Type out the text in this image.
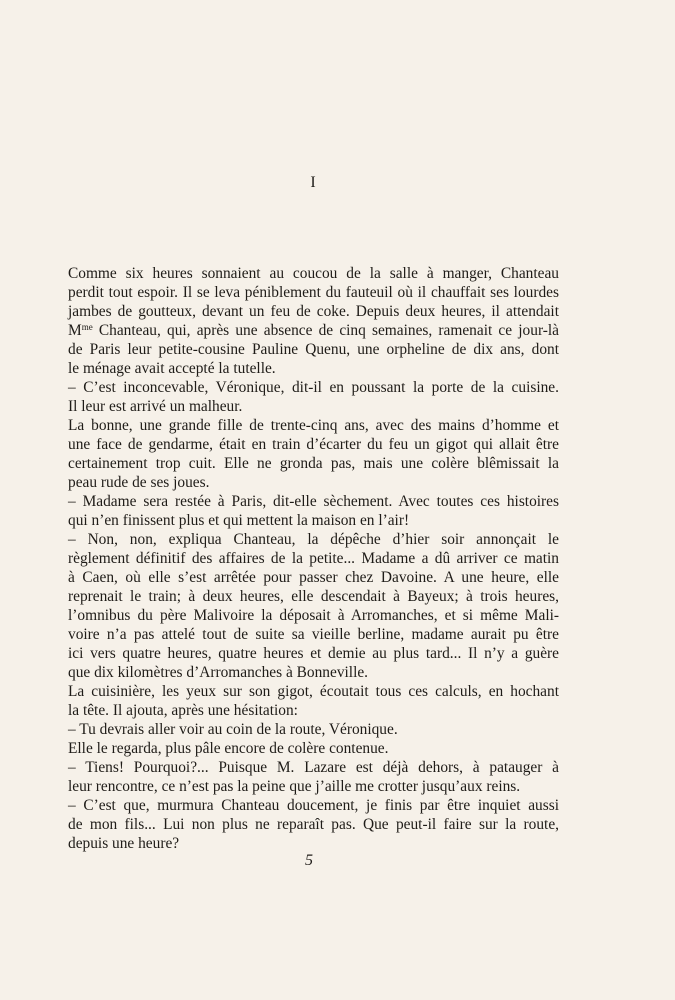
I

Comme six heures sonnaient au coucou de la salle à manger, Chanteau
perdit tout espoir. Il se leva péniblement du fauteuil où il chauffait ses lourdes
jambes de goutteux, devant un feu de coke. Depuis deux heures, il attendait
$M^{me}$ Chanteau, qui, après une absence de cinq semaines, ramenait ce jour-là
de Paris leur petite-cousine Pauline Quenu, une orpheline de dix ans, dont
le ménage avait accepté la tutelle.

– C’est inconcevable, Véronique, dit-il en poussant la porte de la cuisine.
Il leur est arrivé un malheur.

La bonne, une grande fille de trente-cinq ans, avec des mains d’homme et
une face de gendarme, était en train d’écarter du feu un gigot qui allait être
certainement trop cuit. Elle ne gronda pas, mais une colère blêmissait la
peau rude de ses joues.

– Madame sera restée à Paris, dit-elle sèchement. Avec toutes ces histoires
qui n’en finissent plus et qui mettent la maison en l’air!

– Non, non, expliqua Chanteau, la dépêche d’hier soir annonçait le
règlement définitif des affaires de la petite... Madame a dû arriver ce matin
à Caen, où elle s’est arrêtée pour passer chez Davoine. A une heure, elle
reprenait le train; à deux heures, elle descendait à Bayeux; à trois heures,
l’omnibus du père Malivoire la déposait à Arromanches, et si même Mali-
voire n’a pas attelé tout de suite sa vieille berline, madame aurait pu être
ici vers quatre heures, quatre heures et demie au plus tard... Il n’y a guère
que dix kilomètres d’Arromanches à Bonneville.

La cuisinière, les yeux sur son gigot, écoutait tous ces calculs, en hochant
la tête. Il ajouta, après une hésitation:

– Tu devrais aller voir au coin de la route, Véronique.

Elle le regarda, plus pâle encore de colère contenue.

– Tiens! Pourquoi?... Puisque M. Lazare est déjà dehors, à patauger à
leur rencontre, ce n’est pas la peine que j’aille me crotter jusqu’aux reins.

– C’est que, murmura Chanteau doucement, je finis par être inquiet aussi
de mon fils... Lui non plus ne reparaît pas. Que peut-il faire sur la route,
depuis une heure?

5
